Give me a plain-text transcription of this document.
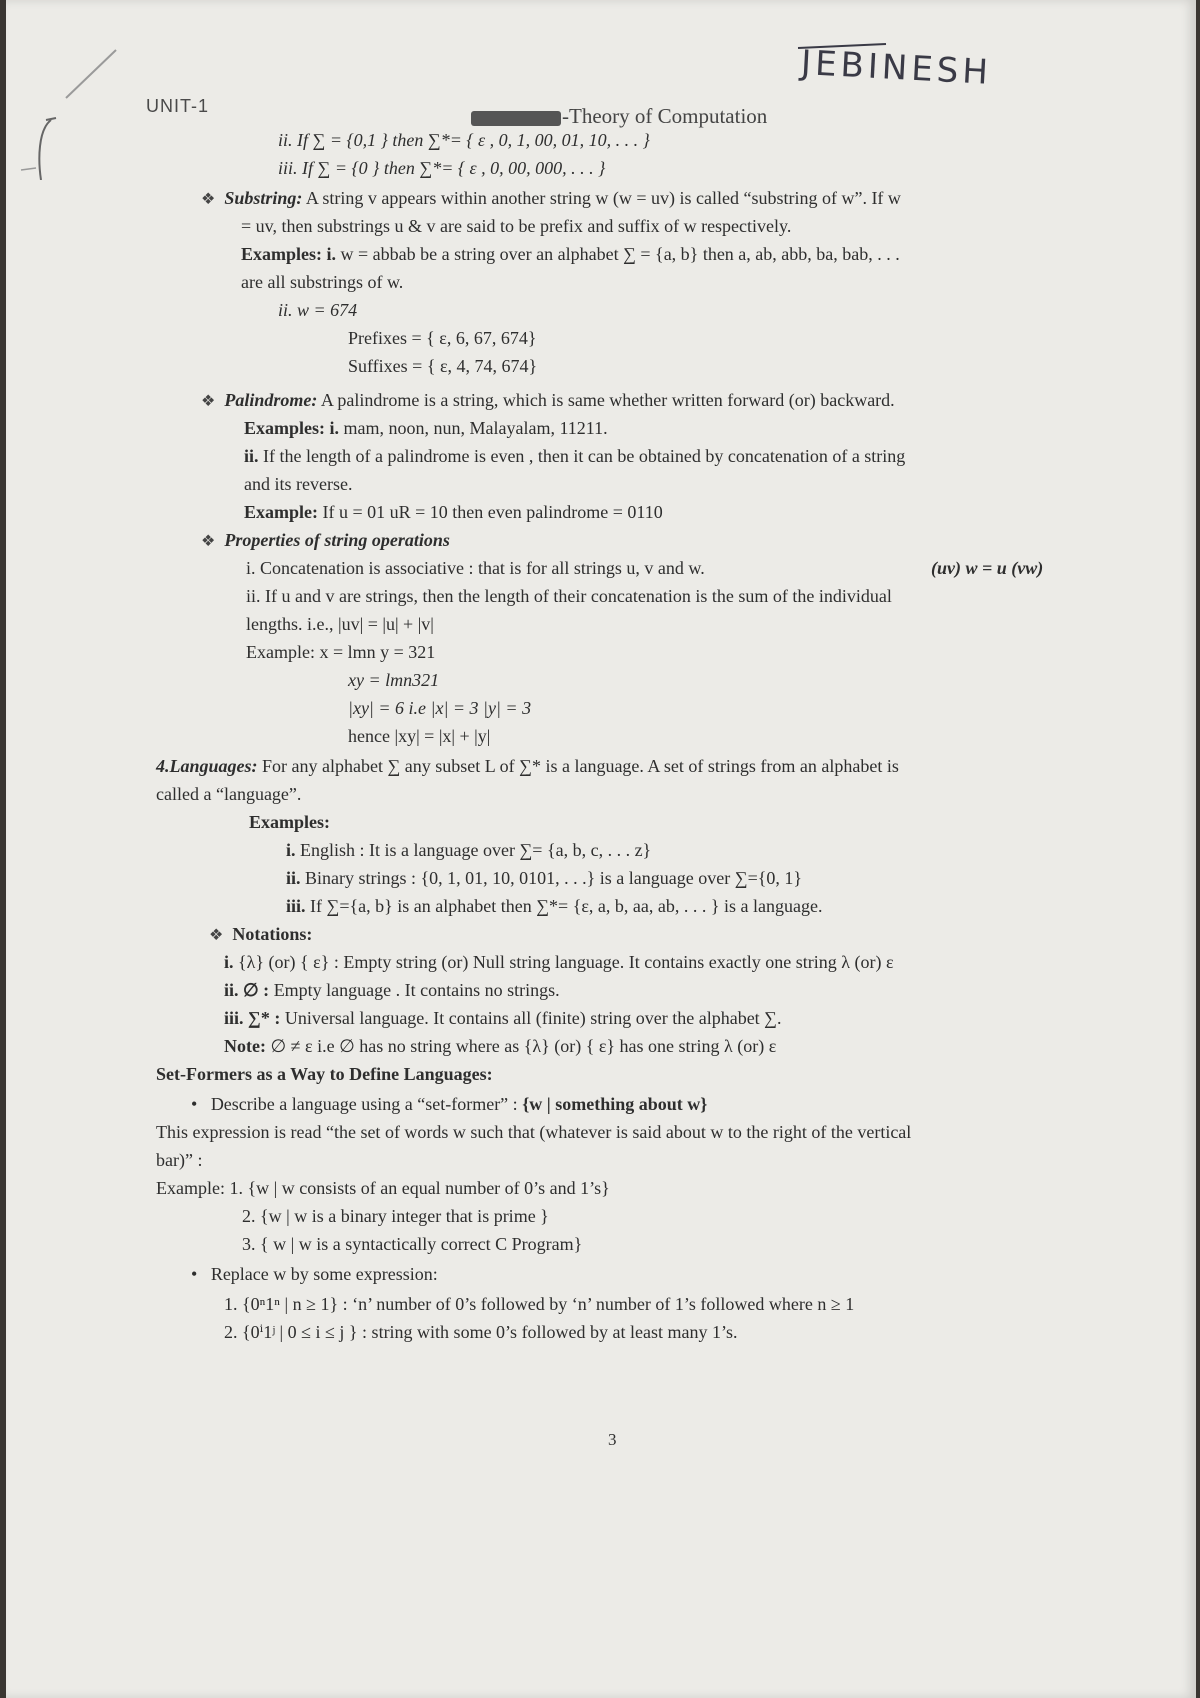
JEBINESH
UNIT-1	-Theory of Computation
ii. If ∑ = {0,1 } then ∑*= { ε , 0, 1, 00, 01, 10, . . . }
iii. If ∑ = {0 } then ∑*= { ε , 0, 00, 000, . . . }
❖ Substring: A string v appears within another string w (w = uv) is called “substring of w”. If w
= uv, then substrings u & v are said to be prefix and suffix of w respectively.
Examples: i. w = abbab be a string over an alphabet ∑ = {a, b} then a, ab, abb, ba, bab, . . .
are all substrings of w.
ii. w = 674
Prefixes = { ε, 6, 67, 674}
Suffixes = { ε, 4, 74, 674}
❖ Palindrome: A palindrome is a string, which is same whether written forward (or) backward.
Examples: i. mam, noon, nun, Malayalam, 11211.
ii. If the length of a palindrome is even , then it can be obtained by concatenation of a string
and its reverse.
Example: If u = 01 uR = 10 then even palindrome = 0110
❖ Properties of string operations
i. Concatenation is associative : that is for all strings u, v and w.	(uv) w = u (vw)
ii. If u and v are strings, then the length of their concatenation is the sum of the individual
lengths. i.e., |uv| = |u| + |v|
Example: x = lmn y = 321
xy = lmn321
|xy| = 6 i.e |x| = 3 |y| = 3
hence |xy| = |x| + |y|
4.Languages: For any alphabet ∑ any subset L of ∑* is a language. A set of strings from an alphabet is
called a “language”.
Examples:
i. English : It is a language over ∑= {a, b, c, . . . z}
ii. Binary strings : {0, 1, 01, 10, 0101, . . .} is a language over ∑={0, 1}
iii. If ∑={a, b} is an alphabet then ∑*= {ε, a, b, aa, ab, . . . } is a language.
❖ Notations:
i. {λ} (or) { ε} : Empty string (or) Null string language. It contains exactly one string λ (or) ε
ii. ∅ : Empty language . It contains no strings.
iii. ∑* : Universal language. It contains all (finite) string over the alphabet ∑.
Note: ∅ ≠ ε i.e ∅ has no string where as {λ} (or) { ε} has one string λ (or) ε
Set-Formers as a Way to Define Languages:
• Describe a language using a “set-former” : {w | something about w}
This expression is read “the set of words w such that (whatever is said about w to the right of the vertical
bar)” :
Example: 1. {w | w consists of an equal number of 0’s and 1’s}
2. {w | w is a binary integer that is prime }
3. { w | w is a syntactically correct C Program}
• Replace w by some expression:
1. {0ⁿ1ⁿ | n ≥ 1} : ‘n’ number of 0’s followed by ‘n’ number of 1’s followed where n ≥ 1
2. {0ⁱ1ʲ | 0 ≤ i ≤ j } : string with some 0’s followed by at least many 1’s.
3
